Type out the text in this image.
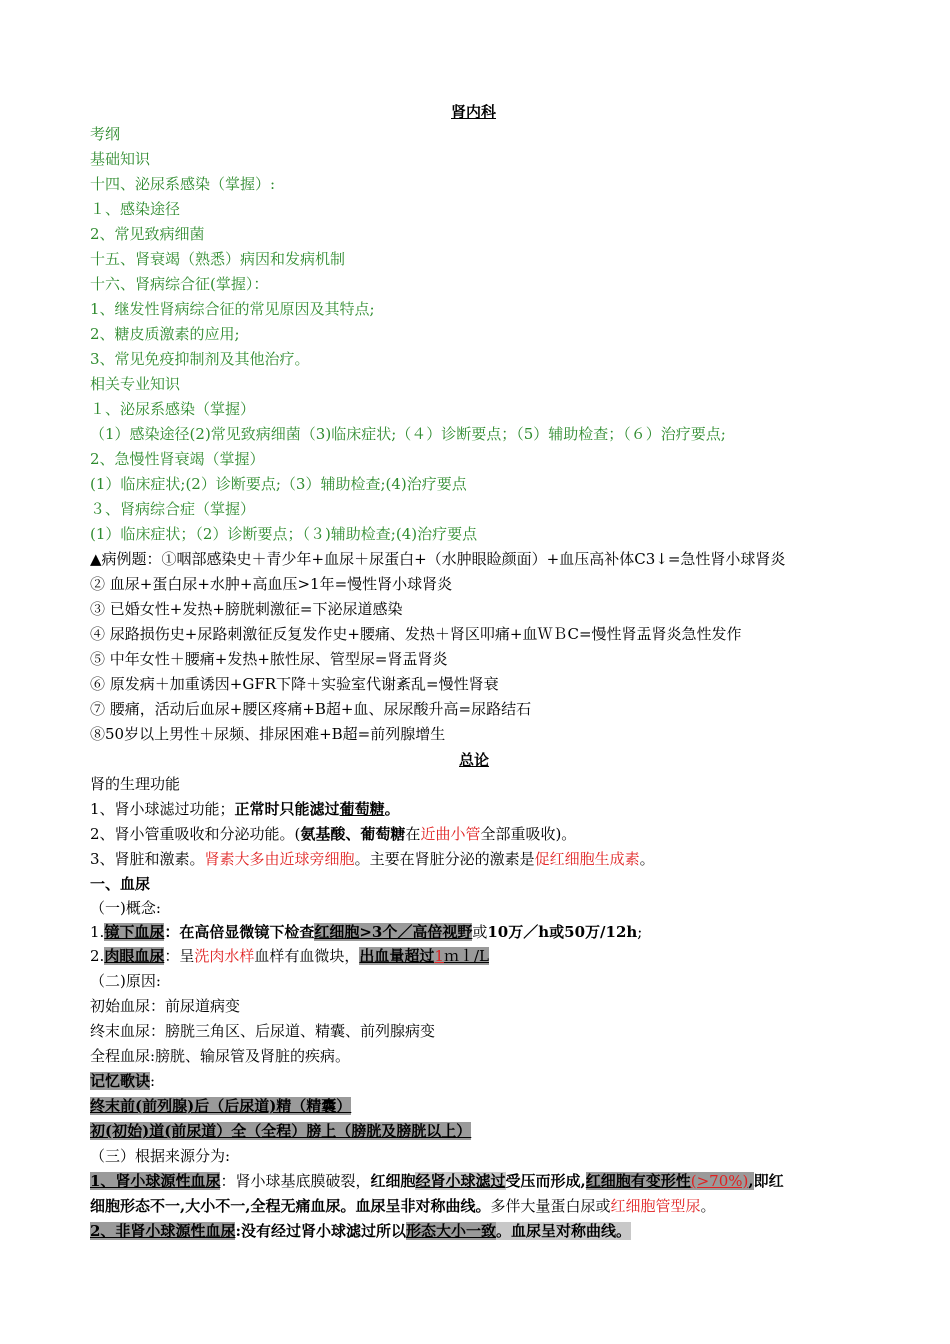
肾内科
考纲
基础知识
十四、泌尿系感染（掌握）:
１、感染途径
2、常见致病细菌
十五、肾衰竭（熟悉）病因和发病机制
十六、肾病综合征(掌握）：
1、继发性肾病综合征的常见原因及其特点;
2、糖皮质激素的应用;
3、常见免疫抑制剂及其他治疗。
相关专业知识
１、泌尿系感染（掌握）
（1）感染途径(2)常见致病细菌（3)临床症状;（４）诊断要点；（5）辅助检查；（６）治疗要点;
2、急慢性肾衰竭（掌握）
(1）临床症状;(2）诊断要点;（3）辅助检查;(4)治疗要点
３、肾病综合症（掌握）
(1）临床症状；（2）诊断要点；（３)辅助检查;(4)治疗要点
▲病例题：①咽部感染史＋青少年+血尿＋尿蛋白+（水肿眼睑颜面）+血压高补体C3↓=急性肾小球肾炎
② 血尿+蛋白尿+水肿+高血压>1年=慢性肾小球肾炎
③ 已婚女性+发热+膀胱刺激征=下泌尿道感染
④ 尿路损伤史+尿路刺激征反复发作史+腰痛、发热＋肾区叩痛+血ＷＢC=慢性肾盂肾炎急性发作
⑤ 中年女性＋腰痛+发热+脓性尿、管型尿=肾盂肾炎
⑥ 原发病＋加重诱因+GFR下降＋实验室代谢紊乱=慢性肾衰
⑦ 腰痛，活动后血尿+腰区疼痛+B超+血、尿尿酸升高=尿路结石
⑧50岁以上男性＋尿频、排尿困难+B超=前列腺增生
总论
肾的生理功能
1、肾小球滤过功能；正常时只能滤过葡萄糖。
2、肾小管重吸收和分泌功能。(氨基酸、葡萄糖在近曲小管全部重吸收)。
3、肾脏和激素。肾素大多由近球旁细胞。主要在肾脏分泌的激素是促红细胞生成素。
一、血尿
（一)概念:
1.镜下血尿：在高倍显微镜下检查红细胞>3个／高倍视野或10万／h或50万/12h;
2.肉眼血尿：呈洗肉水样血样有血微块，出血量超过1ｍｌ/L
（二)原因:
初始血尿：前尿道病变
终末血尿：膀胱三角区、后尿道、精囊、前列腺病变
全程血尿:膀胱、输尿管及肾脏的疾病。
记忆歌诀:
终末前(前列腺)后（后尿道)精（精囊）
初(初始)道(前尿道）全（全程）膀上（膀胱及膀胱以上）
（三）根据来源分为:
1、肾小球源性血尿：肾小球基底膜破裂，红细胞经肾小球滤过受压而形成,红细胞有变形性(>70%),即红
细胞形态不一,大小不一,全程无痛血尿。血尿呈非对称曲线。多伴大量蛋白尿或红细胞管型尿。
2、非肾小球源性血尿:没有经过肾小球滤过所以形态大小一致。血尿呈对称曲线。
